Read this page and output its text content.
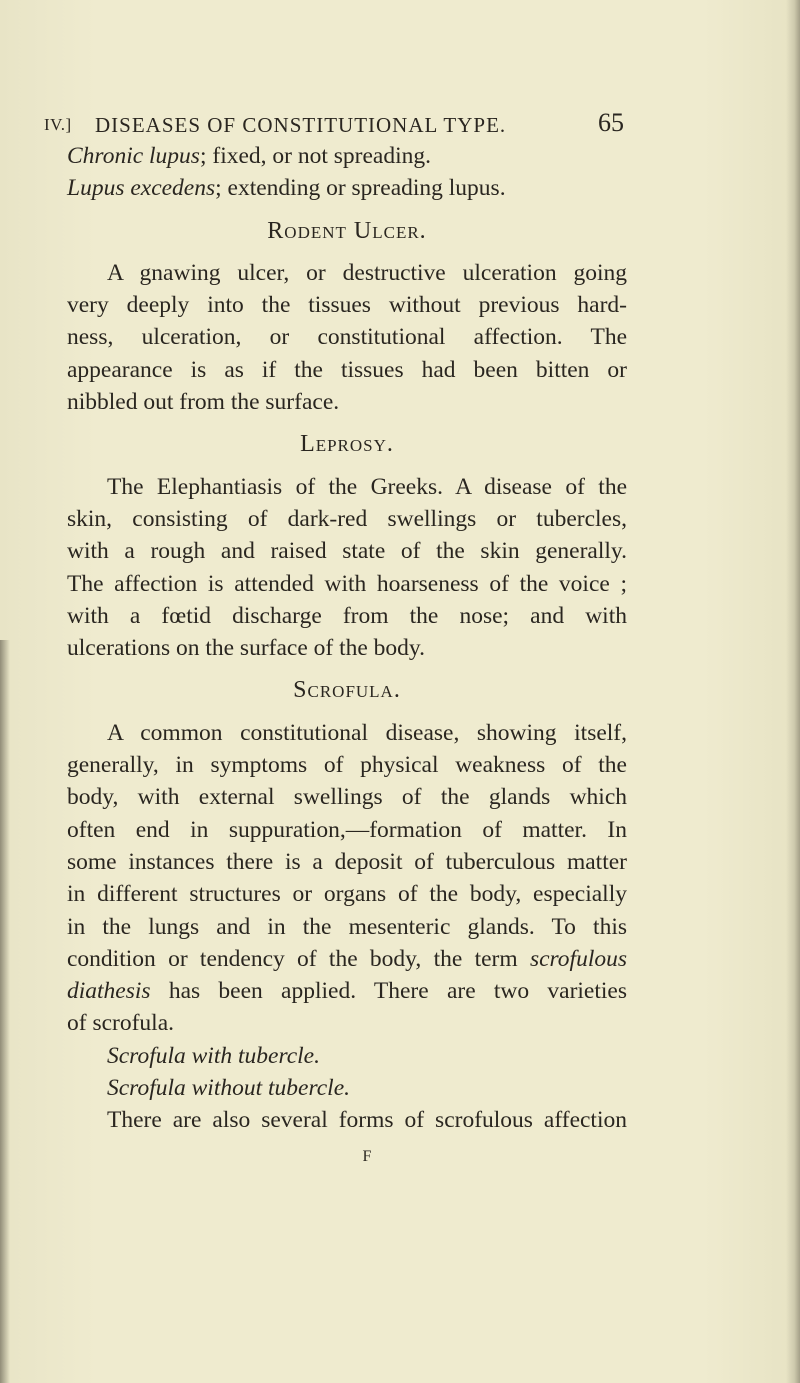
IV.] DISEASES OF CONSTITUTIONAL TYPE.	65
Chronic lupus; fixed, or not spreading.
Lupus excedens; extending or spreading lupus.
Rodent Ulcer.
A gnawing ulcer, or destructive ulceration going
very deeply into the tissues without previous hard-
ness, ulceration, or constitutional affection. The
appearance is as if the tissues had been bitten or
nibbled out from the surface.
Leprosy.
The Elephantiasis of the Greeks. A disease of the
skin, consisting of dark-red swellings or tubercles,
with a rough and raised state of the skin generally.
The affection is attended with hoarseness of the voice ;
with a fœtid discharge from the nose; and with
ulcerations on the surface of the body.
Scrofula.
A common constitutional disease, showing itself,
generally, in symptoms of physical weakness of the
body, with external swellings of the glands which
often end in suppuration,—formation of matter. In
some instances there is a deposit of tuberculous matter
in different structures or organs of the body, especially
in the lungs and in the mesenteric glands. To this
condition or tendency of the body, the term scrofulous
diathesis has been applied. There are two varieties
of scrofula.
Scrofula with tubercle.
Scrofula without tubercle.
There are also several forms of scrofulous affection
F
